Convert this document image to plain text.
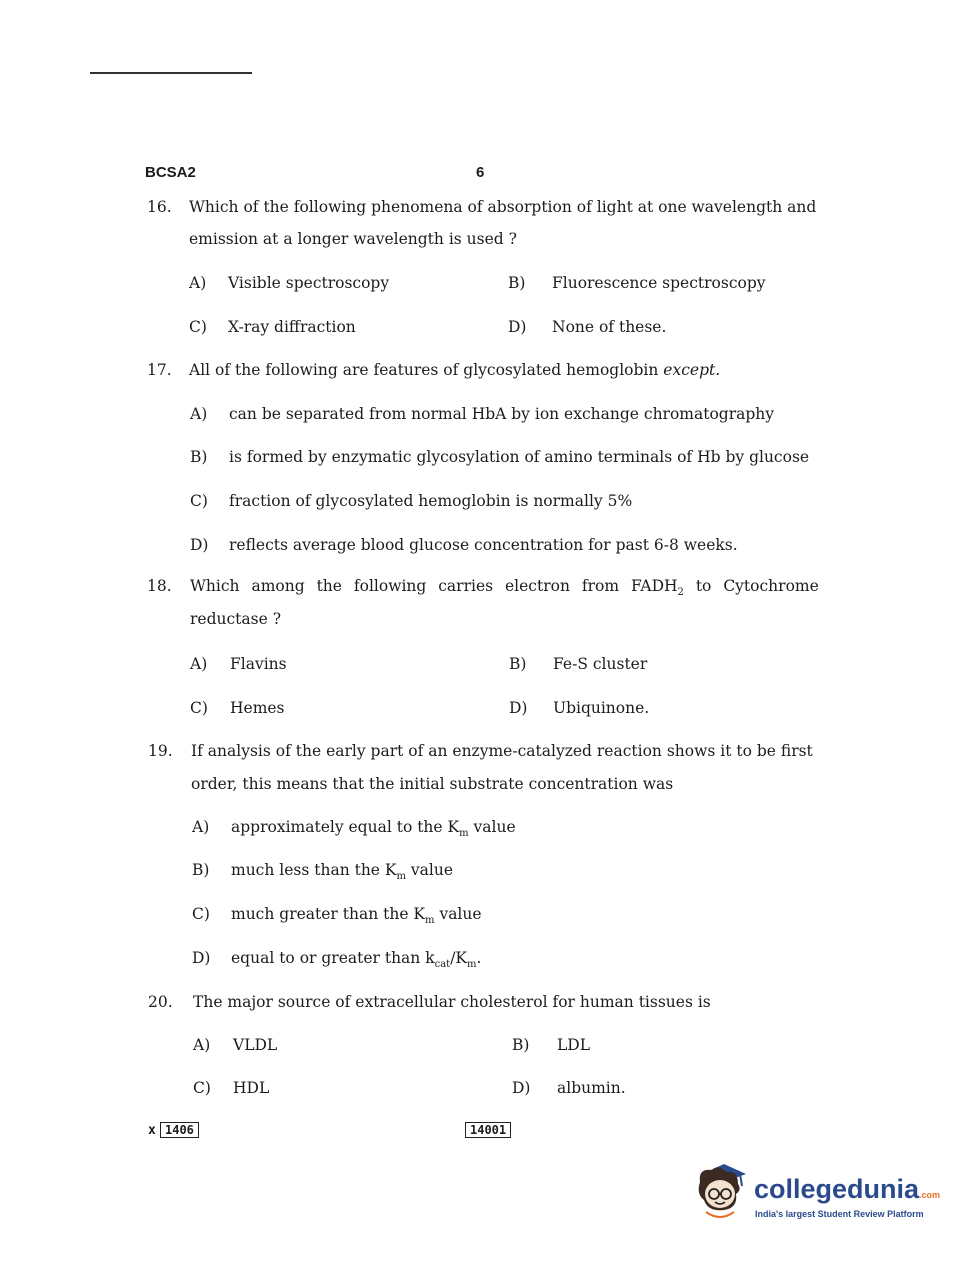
BCSA2	6
16. Which of the following phenomena of absorption of light at one wavelength and
emission at a longer wavelength is used ?
A) Visible spectroscopy	B) Fluorescence spectroscopy
C) X-ray diffraction	D) None of these.
17. All of the following are features of glycosylated hemoglobin except.
A) can be separated from normal HbA by ion exchange chromatography
B) is formed by enzymatic glycosylation of amino terminals of Hb by glucose
C) fraction of glycosylated hemoglobin is normally 5%
D) reflects average blood glucose concentration for past 6-8 weeks.
18. Which among the following carries electron from $FADH_2$ to Cytochrome
reductase ?
A) Flavins	B) Fe-S cluster
C) Hemes	D) Ubiquinone.
19. If analysis of the early part of an enzyme-catalyzed reaction shows it to be first
order, this means that the initial substrate concentration was
A) approximately equal to the $K_m$ value
B) much less than the $K_m$ value
C) much greater than the $K_m$ value
D) equal to or greater than $k_{cat}/K_m$.
20. The major source of extracellular cholesterol for human tissues is
A) VLDL	B) LDL
C) HDL	D) albumin.
x 1406	14001
collegedunia.com
India's largest Student Review Platform
